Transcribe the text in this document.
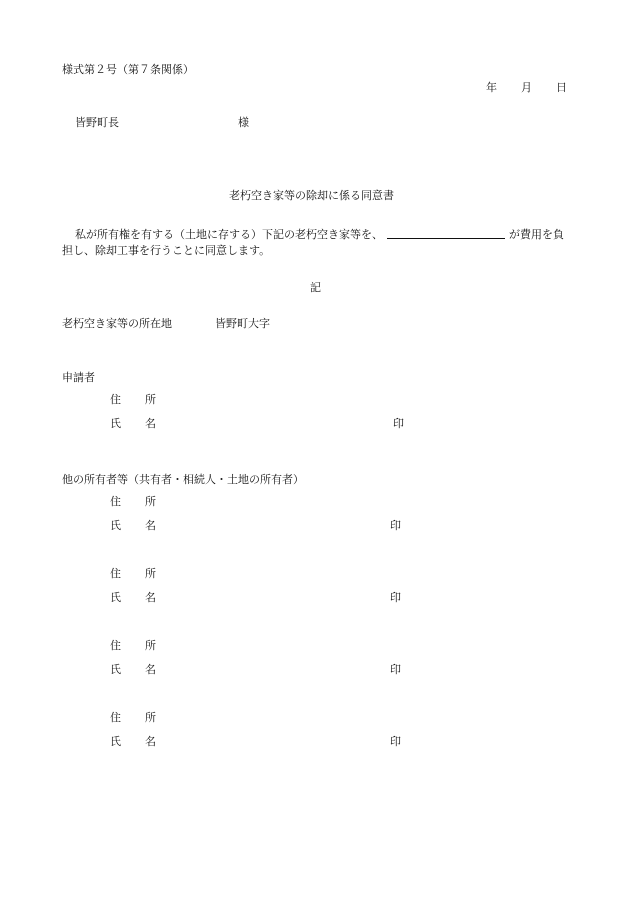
様式第２号（第７条関係）
年 月 日
皆野町長	様
老朽空き家等の除却に係る同意書
私が所有権を有する（土地に存する）下記の老朽空き家等を、	が費用を負
担し、除却工事を行うことに同意します。
記
老朽空き家等の所在地	皆野町大字
申請者
住 所
氏 名	印
他の所有者等（共有者・相続人・土地の所有者）
住 所
氏 名	印
住 所
氏 名	印
住 所
氏 名	印
住 所
氏 名	印
